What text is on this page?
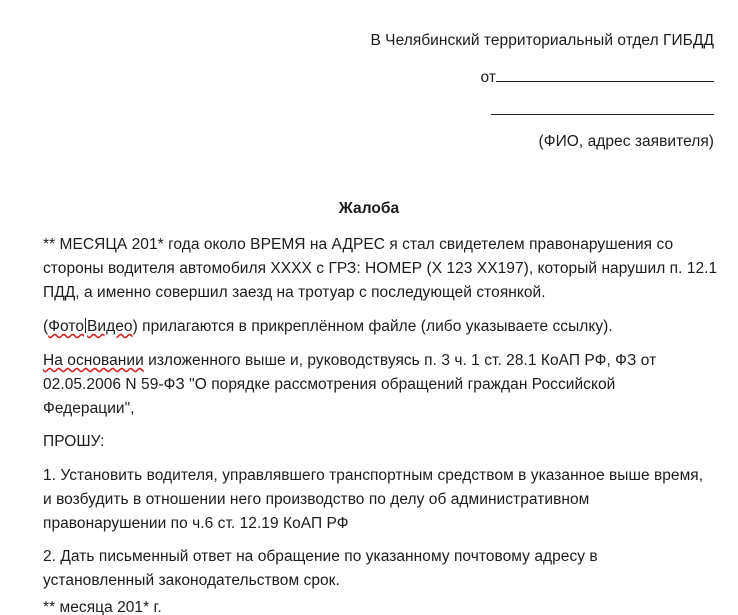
В Челябинский территориальный отдел ГИБДД
от
(ФИО, адрес заявителя)
Жалоба
** МЕСЯЦА 201* года около ВРЕМЯ на АДРЕС я стал свидетелем правонарушения со
стороны водителя автомобиля ХХХХ с ГРЗ: НОМЕР (Х 123 ХХ197), который нарушил п. 12.1
ПДД, а именно совершил заезд на тротуар с последующей стоянкой.
(Фото Видео) прилагаются в прикреплённом файле (либо указываете ссылку).
На основании изложенного выше и, руководствуясь п. 3 ч. 1 ст. 28.1 КоАП РФ, ФЗ от
02.05.2006 N 59-ФЗ "О порядке рассмотрения обращений граждан Российской
Федерации",
ПРОШУ:
1. Установить водителя, управлявшего транспортным средством в указанное выше время,
и возбудить в отношении него производство по делу об административном
правонарушении по ч.6 ст. 12.19 КоАП РФ
2. Дать письменный ответ на обращение по указанному почтовому адресу в
установленный законодательством срок.
** месяца 201* г.
